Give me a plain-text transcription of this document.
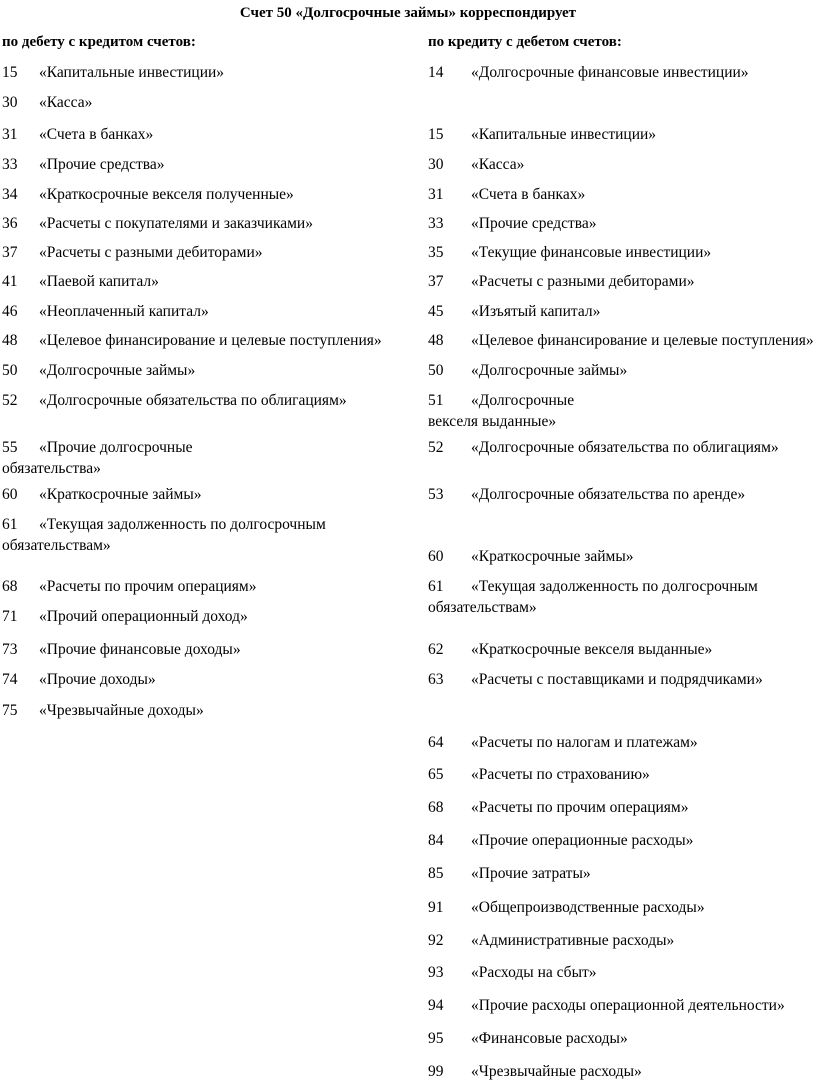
Счет 50 «Долгосрочные займы» корреспондирует
по дебету с кредитом счетов:	по кредиту с дебетом счетов:
15 «Капитальные инвестиции»
30 «Касса»
31 «Счета в банках»
33 «Прочие средства»
34 «Краткосрочные векселя полученные»
36 «Расчеты с покупателями и заказчиками»
37 «Расчеты с разными дебиторами»
41 «Паевой капитал»
46 «Неоплаченный капитал»
48 «Целевое финансирование и целевые поступления»
50 «Долгосрочные займы»
52 «Долгосрочные обязательства по облигациям»
55 «Прочие долгосрочные
обязательства»
60 «Краткосрочные займы»
61 «Текущая задолженность по долгосрочным
обязательствам»
68 «Расчеты по прочим операциям»
71 «Прочий операционный доход»
73 «Прочие финансовые доходы»
74 «Прочие доходы»
75 «Чрезвычайные доходы»
14 «Долгосрочные финансовые инвестиции»
15 «Капитальные инвестиции»
30 «Касса»
31 «Счета в банках»
33 «Прочие средства»
35 «Текущие финансовые инвестиции»
37 «Расчеты с разными дебиторами»
45 «Изъятый капитал»
48 «Целевое финансирование и целевые поступления»
50 «Долгосрочные займы»
51 «Долгосрочные
векселя выданные»
52 «Долгосрочные обязательства по облигациям»
53 «Долгосрочные обязательства по аренде»
60 «Краткосрочные займы»
61 «Текущая задолженность по долгосрочным
обязательствам»
62 «Краткосрочные векселя выданные»
63 «Расчеты с поставщиками и подрядчиками»
64 «Расчеты по налогам и платежам»
65 «Расчеты по страхованию»
68 «Расчеты по прочим операциям»
84 «Прочие операционные расходы»
85 «Прочие затраты»
91 «Общепроизводственные расходы»
92 «Административные расходы»
93 «Расходы на сбыт»
94 «Прочие расходы операционной деятельности»
95 «Финансовые расходы»
99 «Чрезвычайные расходы»
